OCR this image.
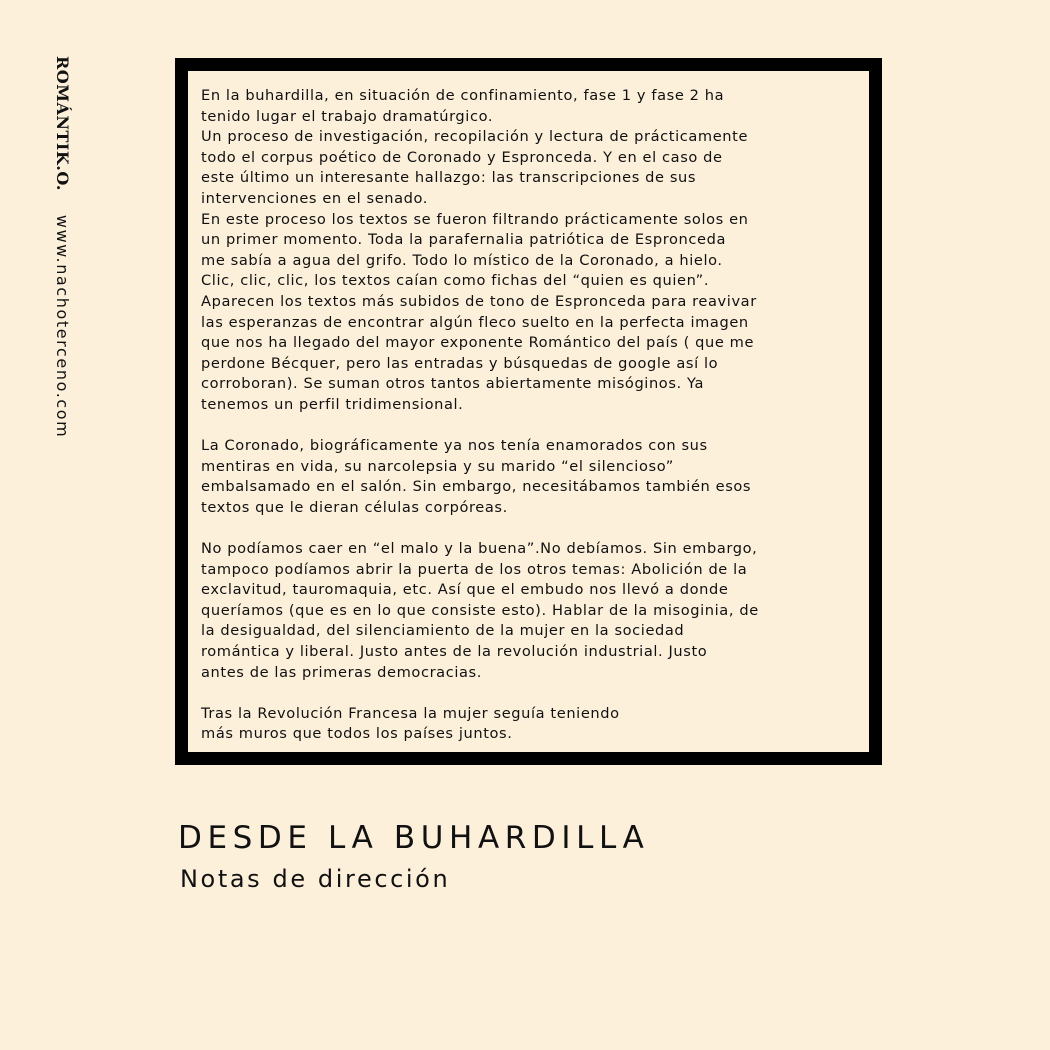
ROMÁNTIK.O.
www.nachoterceno.com

En la buhardilla, en situación de confinamiento, fase 1 y fase 2 ha
tenido lugar el trabajo dramatúrgico.
Un proceso de investigación, recopilación y lectura de prácticamente
todo el corpus poético de Coronado y Espronceda. Y en el caso de
este último un interesante hallazgo: las transcripciones de sus
intervenciones en el senado.
En este proceso los textos se fueron filtrando prácticamente solos en
un primer momento. Toda la parafernalia patriótica de Espronceda
me sabía a agua del grifo. Todo lo místico de la Coronado, a hielo.
Clic, clic, clic, los textos caían como fichas del “quien es quien”.
Aparecen los textos más subidos de tono de Espronceda para reavivar
las esperanzas de encontrar algún fleco suelto en la perfecta imagen
que nos ha llegado del mayor exponente Romántico del país ( que me
perdone Bécquer, pero las entradas y búsquedas de google así lo
corroboran). Se suman otros tantos abiertamente misóginos. Ya
tenemos un perfil tridimensional.

La Coronado, biográficamente ya nos tenía enamorados con sus
mentiras en vida, su narcolepsia y su marido “el silencioso”
embalsamado en el salón. Sin embargo, necesitábamos también esos
textos que le dieran células corpóreas.

No podíamos caer en “el malo y la buena”.No debíamos. Sin embargo,
tampoco podíamos abrir la puerta de los otros temas: Abolición de la
exclavitud, tauromaquia, etc. Así que el embudo nos llevó a donde
queríamos (que es en lo que consiste esto). Hablar de la misoginia, de
la desigualdad, del silenciamiento de la mujer en la sociedad
romántica y liberal. Justo antes de la revolución industrial. Justo
antes de las primeras democracias.

Tras la Revolución Francesa la mujer seguía teniendo
más muros que todos los países juntos.

DESDE LA BUHARDILLA
Notas de dirección
